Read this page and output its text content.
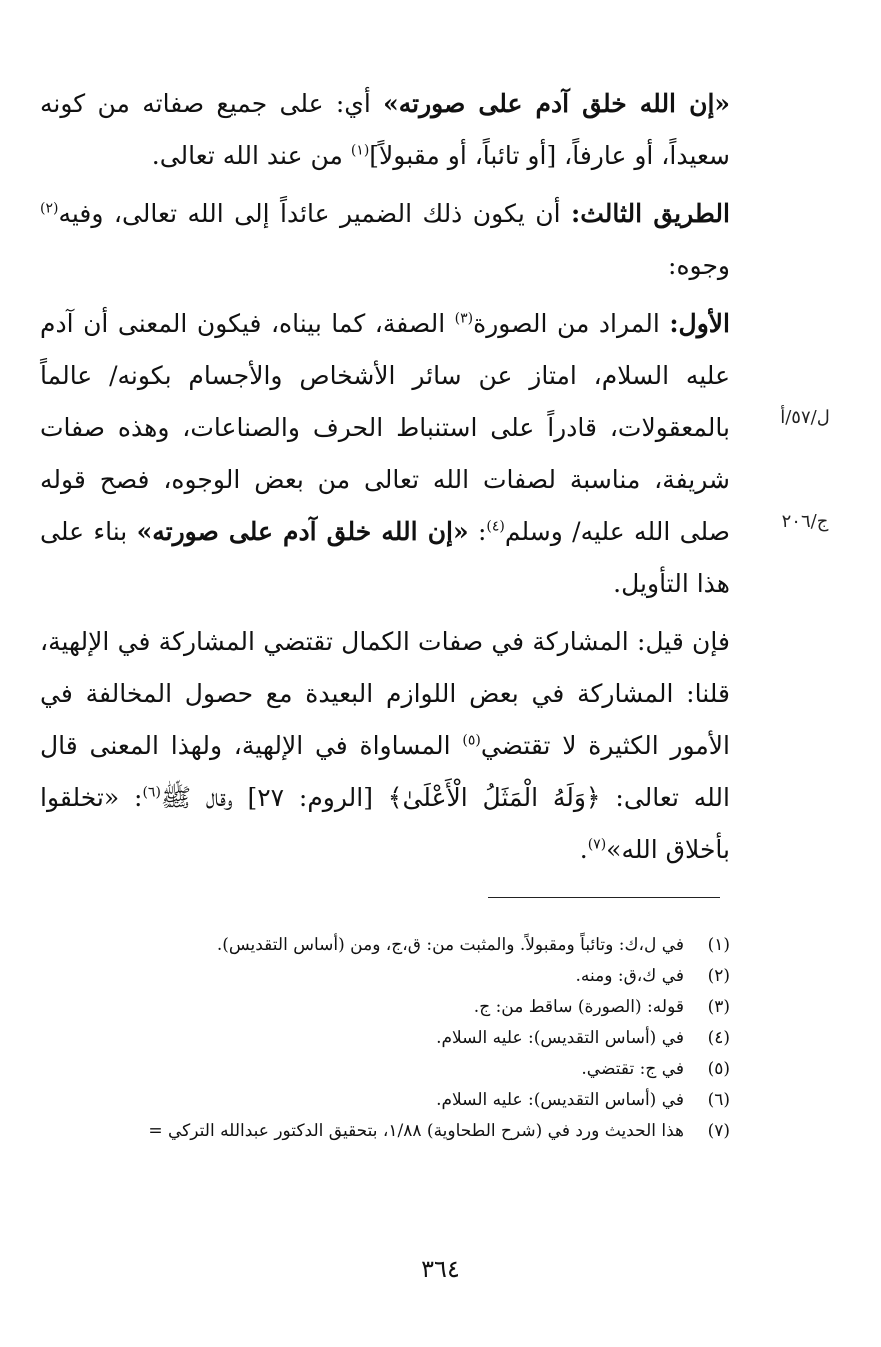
«إن الله خلق آدم على صورته» أي: على جميع صفاته من كونه سعيداً، أو عارفاً، [أو تائباً، أو مقبولاً]$^{(١)}$ من عند الله تعالى.

الطريق الثالث: أن يكون ذلك الضمير عائداً إلى الله تعالى، وفيه$^{(٢)}$ وجوه:

الأول: المراد من الصورة$^{(٣)}$ الصفة، كما بيناه، فيكون المعنى أن آدم عليه السلام، امتاز عن سائر الأشخاص والأجسام بكونه/ عالماً بالمعقولات، قادراً على استنباط الحرف والصناعات، وهذه صفات شريفة، مناسبة لصفات الله تعالى من بعض الوجوه، فصح قوله صلى الله عليه/ وسلم$^{(٤)}$: «إن الله خلق آدم على صورته» بناء على هذا التأويل.

فإن قيل: المشاركة في صفات الكمال تقتضي المشاركة في الإلهية، قلنا: المشاركة في بعض اللوازم البعيدة مع حصول المخالفة في الأمور الكثيرة لا تقتضي$^{(٥)}$ المساواة في الإلهية، ولهذا المعنى قال الله تعالى: ﴿وَلَهُ الْمَثَلُ الْأَعْلَىٰ﴾ [الروم: ٢٧] وقال ﷺ$^{(٦)}$: «تخلقوا بأخلاق الله»$^{(٧)}$.

ل/٥٧/أ
ج/٢٠٦
(١)
في ل،ك: وتائباً ومقبولاً. والمثبت من: ق،ج، ومن (أساس التقديس).
(٢)
في ك،ق: ومنه.
(٣)
قوله: (الصورة) ساقط من: ج.
(٤)
في (أساس التقديس): عليه السلام.
(٥)
في ج: تقتضي.
(٦)
في (أساس التقديس): عليه السلام.
(٧)
هذا الحديث ورد في (شرح الطحاوية) ١/٨٨، بتحقيق الدكتور عبدالله التركي =
٣٦٤
